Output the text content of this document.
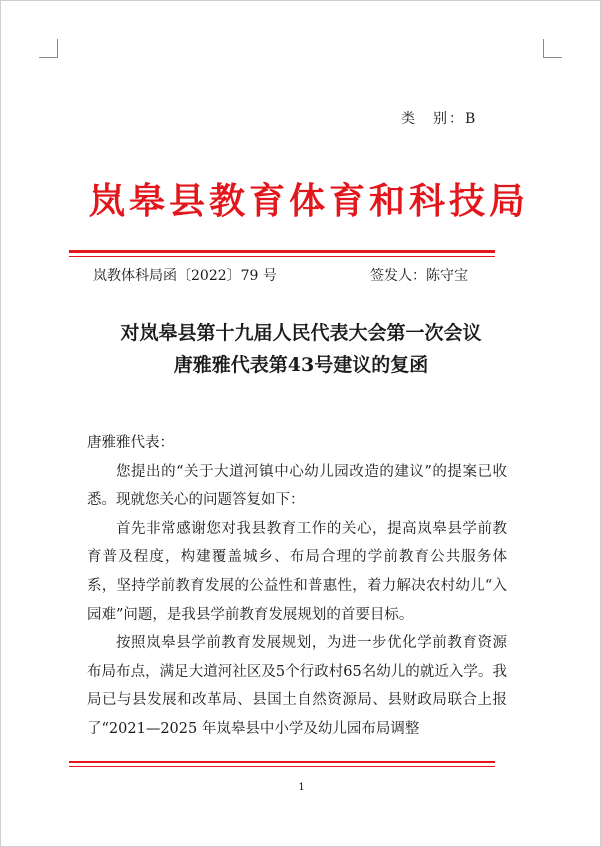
类　别：B
岚皋县教育体育和科技局
岚教体科局函〔2022〕79 号	签发人：陈守宝
对岚皋县第十九届人民代表大会第一次会议
唐雅雅代表第43号建议的复函

唐雅雅代表：

您提出的“关于大道河镇中心幼儿园改造的建议”的提案已收悉。现就您关心的问题答复如下：

首先非常感谢您对我县教育工作的关心，提高岚皋县学前教育普及程度，构建覆盖城乡、布局合理的学前教育公共服务体系，坚持学前教育发展的公益性和普惠性，着力解决农村幼儿“入园难”问题，是我县学前教育发展规划的首要目标。

按照岚皋县学前教育发展规划，为进一步优化学前教育资源布局布点，满足大道河社区及5个行政村65名幼儿的就近入学。我局已与县发展和改革局、县国土自然资源局、县财政局联合上报了“2021—2025 年岚皋县中小学及幼儿园布局调整

1
